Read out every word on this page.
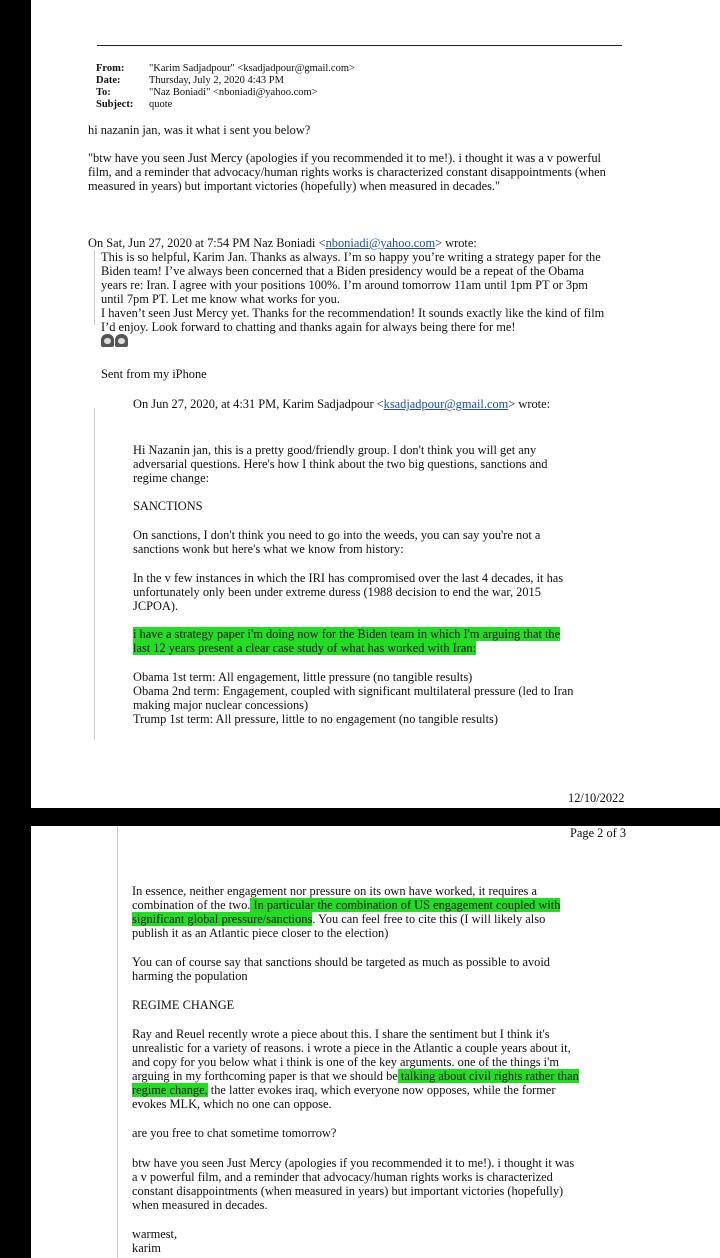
From: "Karim Sadjadpour" <ksadjadpour@gmail.com>
Date:	Thursday, July 2, 2020 4:43 PM
To:	"Naz Boniadi" <nboniadi@yahoo.com>
Subject: quote
hi nazanin jan, was it what i sent you below?
"btw have you seen Just Mercy (apologies if you recommended it to me!). i thought it was a v powerful
film, and a reminder that advocacy/human rights works is characterized constant disappointments (when
measured in years) but important victories (hopefully) when measured in decades."
On Sat, Jun 27, 2020 at 7:54 PM Naz Boniadi <nboniadi@yahoo.com> wrote:
This is so helpful, Karim Jan. Thanks as always. I’m so happy you’re writing a strategy paper for the
Biden team! I’ve always been concerned that a Biden presidency would be a repeat of the Obama
years re: Iran. I agree with your positions 100%. I’m around tomorrow 11am until 1pm PT or 3pm
until 7pm PT. Let me know what works for you.
I haven’t seen Just Mercy yet. Thanks for the recommendation! It sounds exactly like the kind of film
I’d enjoy. Look forward to chatting and thanks again for always being there for me!
Sent from my iPhone
On Jun 27, 2020, at 4:31 PM, Karim Sadjadpour <ksadjadpour@gmail.com> wrote:
Hi Nazanin jan, this is a pretty good/friendly group. I don't think you will get any
adversarial questions. Here's how I think about the two big questions, sanctions and
regime change:
SANCTIONS
On sanctions, I don't think you need to go into the weeds, you can say you're not a
sanctions wonk but here's what we know from history:
In the v few instances in which the IRI has compromised over the last 4 decades, it has
unfortunately only been under extreme duress (1988 decision to end the war, 2015
JCPOA).
i have a strategy paper i'm doing now for the Biden team in which I'm arguing that the
last 12 years present a clear case study of what has worked with Iran:
Obama 1st term: All engagement, little pressure (no tangible results)
Obama 2nd term: Engagement, coupled with significant multilateral pressure (led to Iran
making major nuclear concessions)
Trump 1st term: All pressure, little to no engagement (no tangible results)
12/10/2022
Page 2 of 3
In essence, neither engagement nor pressure on its own have worked, it requires a
combination of the two. In particular the combination of US engagement coupled with
significant global pressure/sanctions. You can feel free to cite this (I will likely also
publish it as an Atlantic piece closer to the election)
You can of course say that sanctions should be targeted as much as possible to avoid
harming the population
REGIME CHANGE
Ray and Reuel recently wrote a piece about this. I share the sentiment but I think it's
unrealistic for a variety of reasons. i wrote a piece in the Atlantic a couple years about it,
and copy for you below what i think is one of the key arguments. one of the things i'm
arguing in my forthcoming paper is that we should be talking about civil rights rather than
regime change, the latter evokes iraq, which everyone now opposes, while the former
evokes MLK, which no one can oppose.
are you free to chat sometime tomorrow?
btw have you seen Just Mercy (apologies if you recommended it to me!). i thought it was
a v powerful film, and a reminder that advocacy/human rights works is characterized
constant disappointments (when measured in years) but important victories (hopefully)
when measured in decades.
warmest,
karim
